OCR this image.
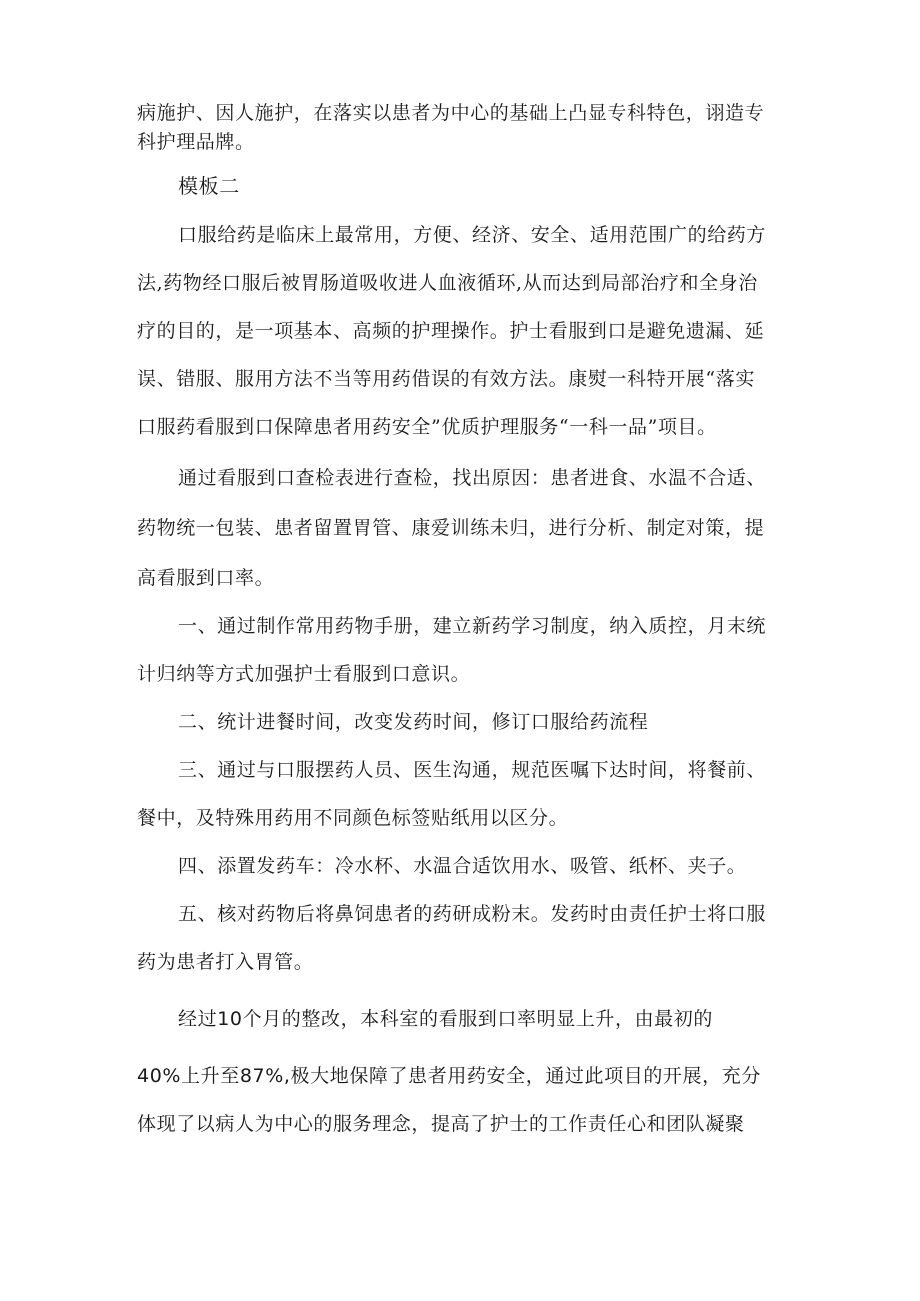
病施护、因人施护，在落实以患者为中心的基础上凸显专科特色，诩造专
科护理品牌。
模板二
口服给药是临床上最常用，方便、经济、安全、适用范围广的给药方
法,药物经口服后被胃肠道吸收进人血液循环,从而达到局部治疗和全身治
疗的目的，是一项基本、高频的护理操作。护士看服到口是避免遗漏、延
误、错服、服用方法不当等用药借误的有效方法。康熨一科特开展“落实
口服药看服到口保障患者用药安全”优质护理服务“一科一品”项目。
通过看服到口查检表进行查检，找出原因：患者进食、水温不合适、
药物统一包装、患者留置胃管、康爱训练未归，进行分析、制定对策，提
高看服到口率。
一、通过制作常用药物手册，建立新药学习制度，纳入质控，月末统
计归纳等方式加强护士看服到口意识。
二、统计进餐时间，改变发药时间，修订口服给药流程
三、通过与口服摆药人员、医生沟通，规范医嘱下达时间，将餐前、
餐中，及特殊用药用不同颜色标签贴纸用以区分。
四、添置发药车：冷水杯、水温合适饮用水、吸管、纸杯、夹子。
五、核对药物后将鼻饲患者的药研成粉末。发药时由责任护士将口服
药为患者打入胃管。
经过10个月的整改，本科室的看服到口率明显上升，由最初的
40%上升至87%,极大地保障了患者用药安全，通过此项目的开展，充分
体现了以病人为中心的服务理念，提高了护士的工作责任心和团队凝聚
